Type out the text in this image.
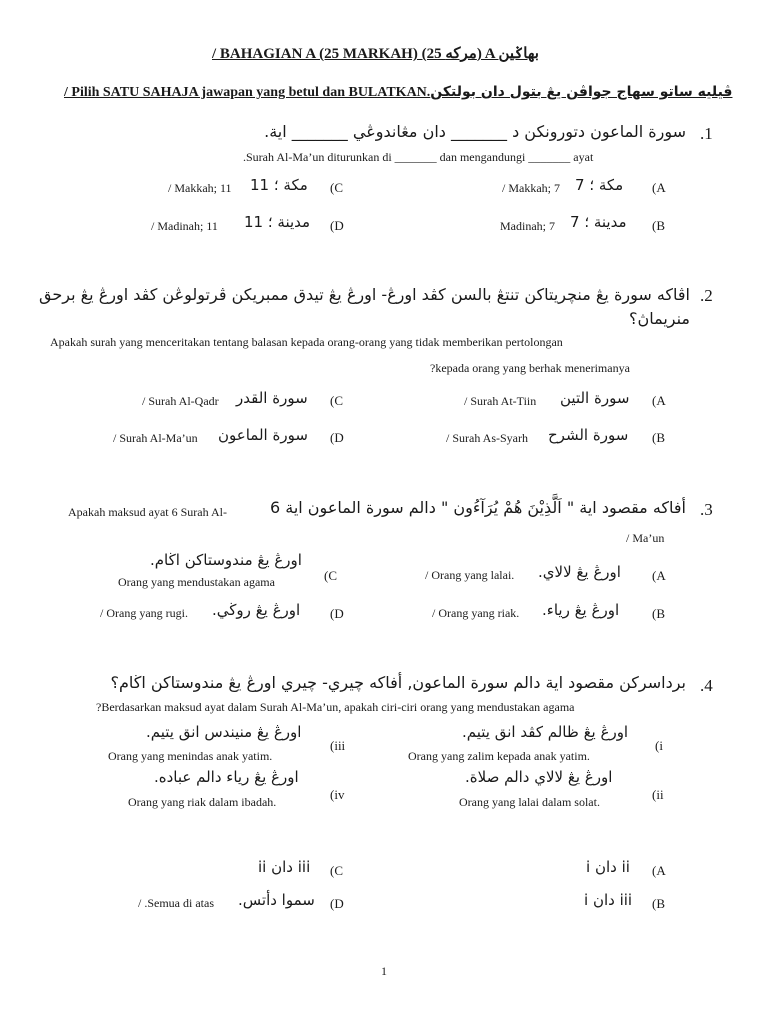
/ BAHAGIAN A (25 MARKAH) (25 مركه) A بهاݢين
/ Pilih SATU SAHAJA jawapan yang betul dan BULATKAN.ڤيليه ساتو سهاج جواڤن يڠ بتول دان بولتكن
.1
سورة الماعون دتورونكن د _______ دان مڠاندوڠي _______ اية.
.Surah Al-Ma’un diturunkan di _______ dan mengandungi _______ ayat
(A
مكة ؛ 7
/ Makkah; 7
(B
مدينة ؛ 7
Madinah; 7
(C
مكة ؛ 11
/ Makkah; 11
(D
مدينة ؛ 11
/ Madinah; 11
.2
اڤاكه سورة يڠ منچريتاكن تنتڠ بالسن كڤد اورڠ- اورڠ يڠ تيدق ممبريكن ڤرتولوڠن كڤد اورڠ يڠ برحق
منريماڽ؟
Apakah surah yang menceritakan tentang balasan kepada orang-orang yang tidak memberikan pertolongan
?kepada orang yang berhak menerimanya
(A
سورة التين
/ Surah At-Tiin
(B
سورة الشرح
/ Surah As-Syarh
(C
سورة القدر
/ Surah Al-Qadr
(D
سورة الماعون
/ Surah Al-Ma’un
.3
أفاكه مقصود اية " اَلَّذِيْنَ هُمْ يُرَآءُون " دالم سورة الماعون اية 6
Apakah maksud ayat 6 Surah Al-
/ Ma’un
(A
اورڠ يڠ لالاي.
/ Orang yang lalai.
(B
اورڠ يڠ رياء.
/ Orang yang riak.
(C
اورڠ يڠ مندوستاكن اڬام.
Orang yang mendustakan agama
(D
اورڠ يڠ روڬي.
/ Orang yang rugi.
.4
برداسركن مقصود اية دالم سورة الماعون, أفاكه چيري- چيري اورڠ يڠ مندوستاكن اڬام؟
?Berdasarkan maksud ayat dalam Surah Al-Ma’un, apakah ciri-ciri orang yang mendustakan agama
اورڠ يڠ ظالم كڤد انق يتيم.
Orang yang zalim kepada anak yatim.
(i
اورڠ يڠ لالاي دالم صلاة.
Orang yang lalai dalam solat.	(ii
اورڠ يڠ منيندس انق يتيم.
Orang yang menindas anak yatim.
(iii
اورڠ يڠ رياء دالم عباده.
Orang yang riak dalam ibadah.	(iv
(A
i دان ii
(B
i دان iii
(C
ii دان iii
(D
سموا دأتس.
/ .Semua di atas
1
